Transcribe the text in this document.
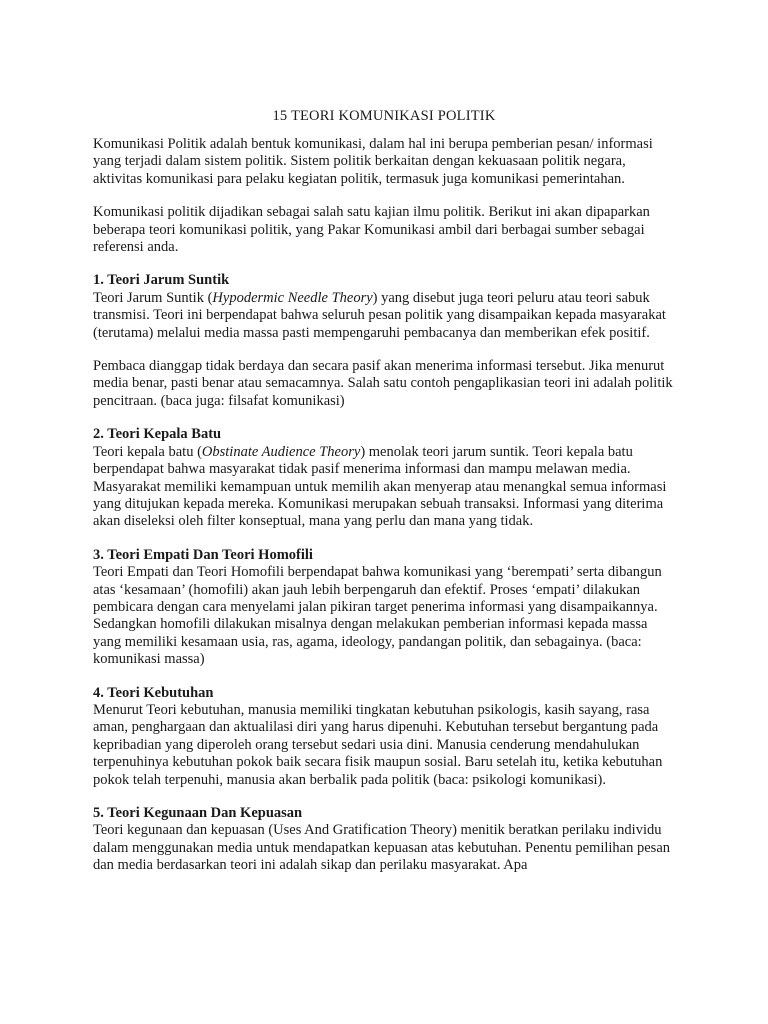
15 TEORI KOMUNIKASI POLITIK

Komunikasi Politik adalah bentuk komunikasi, dalam hal ini berupa pemberian pesan/ informasi yang terjadi dalam sistem politik. Sistem politik berkaitan dengan kekuasaan politik negara, aktivitas komunikasi para pelaku kegiatan politik, termasuk juga komunikasi pemerintahan.

Komunikasi politik dijadikan sebagai salah satu kajian ilmu politik. Berikut ini akan dipaparkan beberapa teori komunikasi politik, yang Pakar Komunikasi ambil dari berbagai sumber sebagai referensi anda.

1. Teori Jarum Suntik

Teori Jarum Suntik (Hypodermic Needle Theory) yang disebut juga teori peluru atau teori sabuk transmisi. Teori ini berpendapat bahwa seluruh pesan politik yang disampaikan kepada masyarakat (terutama) melalui media massa pasti mempengaruhi pembacanya dan memberikan efek positif.

Pembaca dianggap tidak berdaya dan secara pasif akan menerima informasi tersebut. Jika menurut media benar, pasti benar atau semacamnya. Salah satu contoh pengaplikasian teori ini adalah politik pencitraan. (baca juga: filsafat komunikasi)

2. Teori Kepala Batu

Teori kepala batu (Obstinate Audience Theory) menolak teori jarum suntik. Teori kepala batu berpendapat bahwa masyarakat tidak pasif menerima informasi dan mampu melawan media. Masyarakat memiliki kemampuan untuk memilih akan menyerap atau menangkal semua informasi yang ditujukan kepada mereka. Komunikasi merupakan sebuah transaksi. Informasi yang diterima akan diseleksi oleh filter konseptual, mana yang perlu dan mana yang tidak.

3. Teori Empati Dan Teori Homofili

Teori Empati dan Teori Homofili berpendapat bahwa komunikasi yang ‘berempati’ serta dibangun atas ‘kesamaan’ (homofili) akan jauh lebih berpengaruh dan efektif. Proses ‘empati’ dilakukan pembicara dengan cara menyelami jalan pikiran target penerima informasi yang disampaikannya. Sedangkan homofili dilakukan misalnya dengan melakukan pemberian informasi kepada massa yang memiliki kesamaan usia, ras, agama, ideology, pandangan politik, dan sebagainya. (baca: komunikasi massa)

4. Teori Kebutuhan

Menurut Teori kebutuhan, manusia memiliki tingkatan kebutuhan psikologis, kasih sayang, rasa aman, penghargaan dan aktualilasi diri yang harus dipenuhi. Kebutuhan tersebut bergantung pada kepribadian yang diperoleh orang tersebut sedari usia dini. Manusia cenderung mendahulukan terpenuhinya kebutuhan pokok baik secara fisik maupun sosial. Baru setelah itu, ketika kebutuhan pokok telah terpenuhi, manusia akan berbalik pada politik (baca: psikologi komunikasi).

5. Teori Kegunaan Dan Kepuasan

Teori kegunaan dan kepuasan (Uses And Gratification Theory) menitik beratkan perilaku individu dalam menggunakan media untuk mendapatkan kepuasan atas kebutuhan. Penentu pemilihan pesan dan media berdasarkan teori ini adalah sikap dan perilaku masyarakat. Apa
